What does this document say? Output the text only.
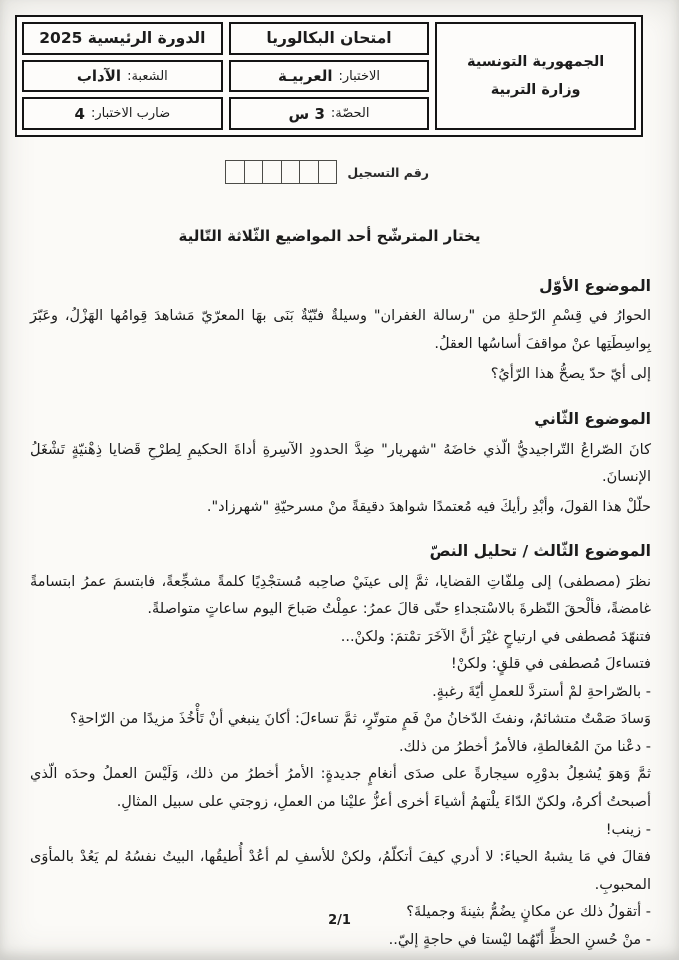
الجمهورية التونسية
وزارة التربية
امتحان البكالوريا
الاختبار:
العربيـة
الحصّة:
3 س
الدورة الرئيسية 2025
الشعبة:
الآداب
ضارب الاختبار:
4
رقم التسجيل
يختار المترشّح أحد المواضيع الثّلاثة التّالية
الموضوع الأوّل

الحوارُ في قِسْمِ الرّحلةِ من "رسالة الغفران" وسيلةٌ فنّيّةٌ بَنَى بهَا المعرّيّ مَشاهدَ قِوامُها الهَزْلُ، وعَبّرَ بِواسِطَتِها عنْ مواقفَ أساسُها العقلُ.

إلى أيّ حدّ يصحُّ هذا الرّأيُ؟

الموضوع الثّاني

كانَ الصّراعُ التّراجيديُّ الّذي خاضَهُ "شهريار" ضِدَّ الحدودِ الآسِرةِ أداةَ الحكيمِ لِطرْحِ قَضايا ذِهْنيّةٍ تَشْغَلُ الإنسانَ.

حلّلْ هذا القولَ، وأبْدِ رأيكَ فيه مُعتمدًا شواهدَ دقيقةً منْ مسرحيّةِ "شهرزاد".

الموضوع الثّالث / تحليل النصّ

نظرَ (مصطفى) إلى مِلفّاتِ القضايا، ثمَّ إلى عينَيْ صاحِبه مُستجْدِيًا كلمةً مشجِّعةً، فابتسمَ عمرُ ابتسامةً غامضةً، فألْحقَ النّظرةَ بالاسْتجداءِ حتّى قالَ عمرُ: عمِلْتُ صَباحَ اليوم ساعاتٍ متواصلةً.

فتنهّدَ مُصطفى في ارتياحٍ غيْرَ أنَّ الآخَرَ تمْتمَ: ولكنْ...

فتساءلَ مُصطفى في قلقٍ: ولكنْ!

- بالصّراحةِ لمْ أستردَّ للعملِ أيّةَ رغبةٍ.

وَسادَ صَمْتٌ متشائمٌ، ونفثَ الدّخانُ منْ فَمٍ متوتّرٍ، ثمَّ تساءلَ: أكانَ ينبغي أنْ تَأْخُذَ مزيدًا من الرّاحةِ؟

- دعْنا منَ المُغالطةِ، فالأمرُ أخطرُ من ذلك.

ثمَّ وَهوَ يُشعِلُ بدوْرِه سيجارةً على صدَى أنغامٍ جديدةٍ: الأمرُ أخطرُ من ذلك، وَلَيْسَ العملُ وحدَه الّذي أصبحتُ أكرهُ، ولكنّ الدّاءَ يلْتهمُ أشياءَ أخرى أعزُّ عليْنا من العملِ، زوجتي على سبيل المثالِ.

- زينب!

فقالَ في مَا يشبهُ الحياءَ: لا أدري كيفَ أتكلّمُ، ولكنْ للأسفِ لم أعُدْ أُطيقُها، البيتُ نفسُهُ لم يَعُدْ بالمأوَى المحبوبِ.

- أتقولُ ذلك عن مكانٍ يضُمُّ بثينةَ وجميلةَ؟

- منْ حُسنِ الحظِّ أنّهُما ليْستا في حاجةٍ إليّ..

2/1
